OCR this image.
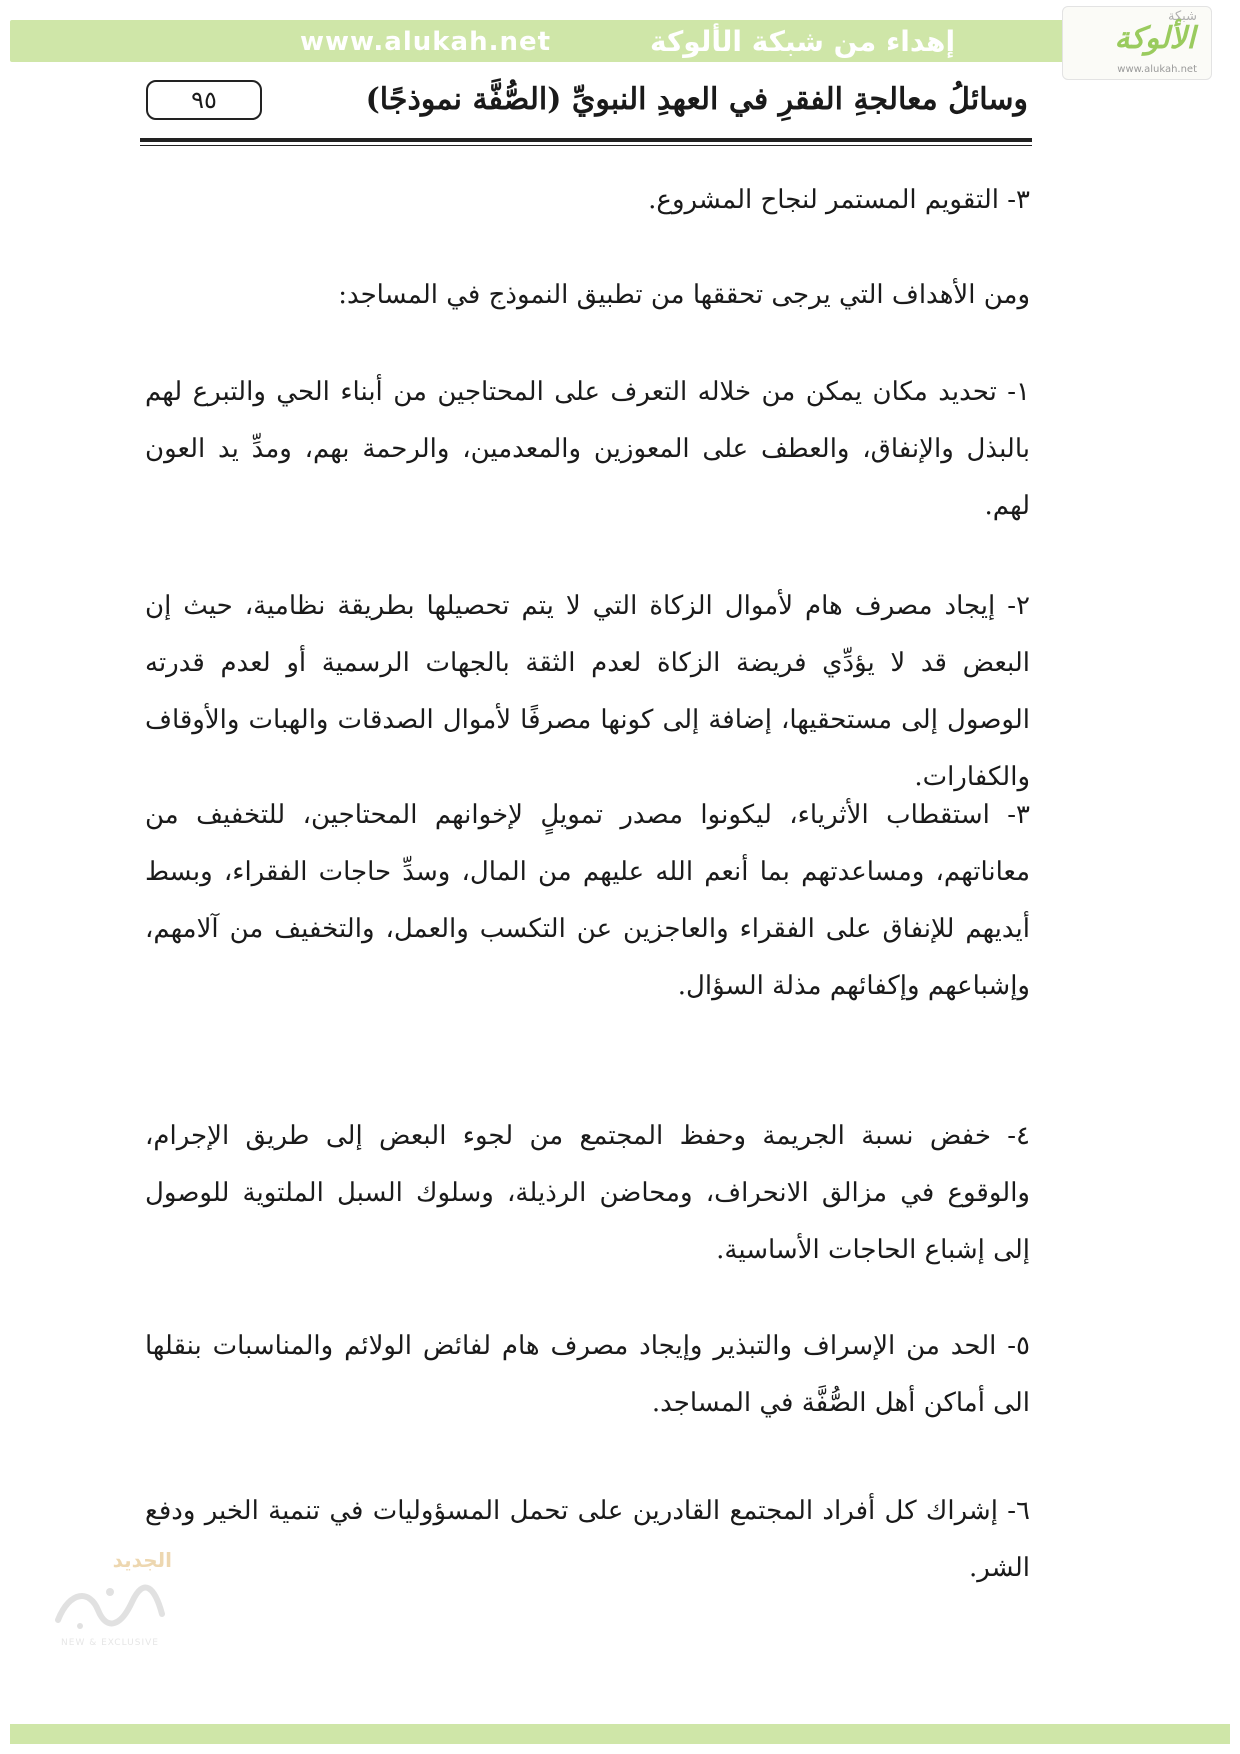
www.alukah.net	إهداء من شبكة الألوكة
شبكة
الألوكة
www.alukah.net
٩٥	وسائلُ معالجةِ الفقرِ في العهدِ النبويِّ (الصُّفَّة نموذجًا)

٣- التقويم المستمر لنجاح المشروع.

ومن الأهداف التي يرجى تحققها من تطبيق النموذج في المساجد:

١- تحديد مكان يمكن من خلاله التعرف على المحتاجين من أبناء الحي والتبرع لهم بالبذل والإنفاق، والعطف على المعوزين والمعدمين، والرحمة بهم، ومدِّ يد العون لهم.

٢- إيجاد مصرف هام لأموال الزكاة التي لا يتم تحصيلها بطريقة نظامية، حيث إن البعض قد لا يؤدِّي فريضة الزكاة لعدم الثقة بالجهات الرسمية أو لعدم قدرته الوصول إلى مستحقيها، إضافة إلى كونها مصرفًا لأموال الصدقات والهبات والأوقاف والكفارات.

٣- استقطاب الأثرياء، ليكونوا مصدر تمويلٍ لإخوانهم المحتاجين، للتخفيف من معاناتهم، ومساعدتهم بما أنعم الله عليهم من المال، وسدِّ حاجات الفقراء، وبسط أيديهم للإنفاق على الفقراء والعاجزين عن التكسب والعمل، والتخفيف من آلامهم، وإشباعهم وإكفائهم مذلة السؤال.

٤- خفض نسبة الجريمة وحفظ المجتمع من لجوء البعض إلى طريق الإجرام، والوقوع في مزالق الانحراف، ومحاضن الرذيلة، وسلوك السبل الملتوية للوصول إلى إشباع الحاجات الأساسية.

٥- الحد من الإسراف والتبذير وإيجاد مصرف هام لفائض الولائم والمناسبات بنقلها الى أماكن أهل الصُّفَّة في المساجد.

٦- إشراك كل أفراد المجتمع القادرين على تحمل المسؤوليات في تنمية الخير ودفع الشر.

الجديد
NEW & EXCLUSIVE
